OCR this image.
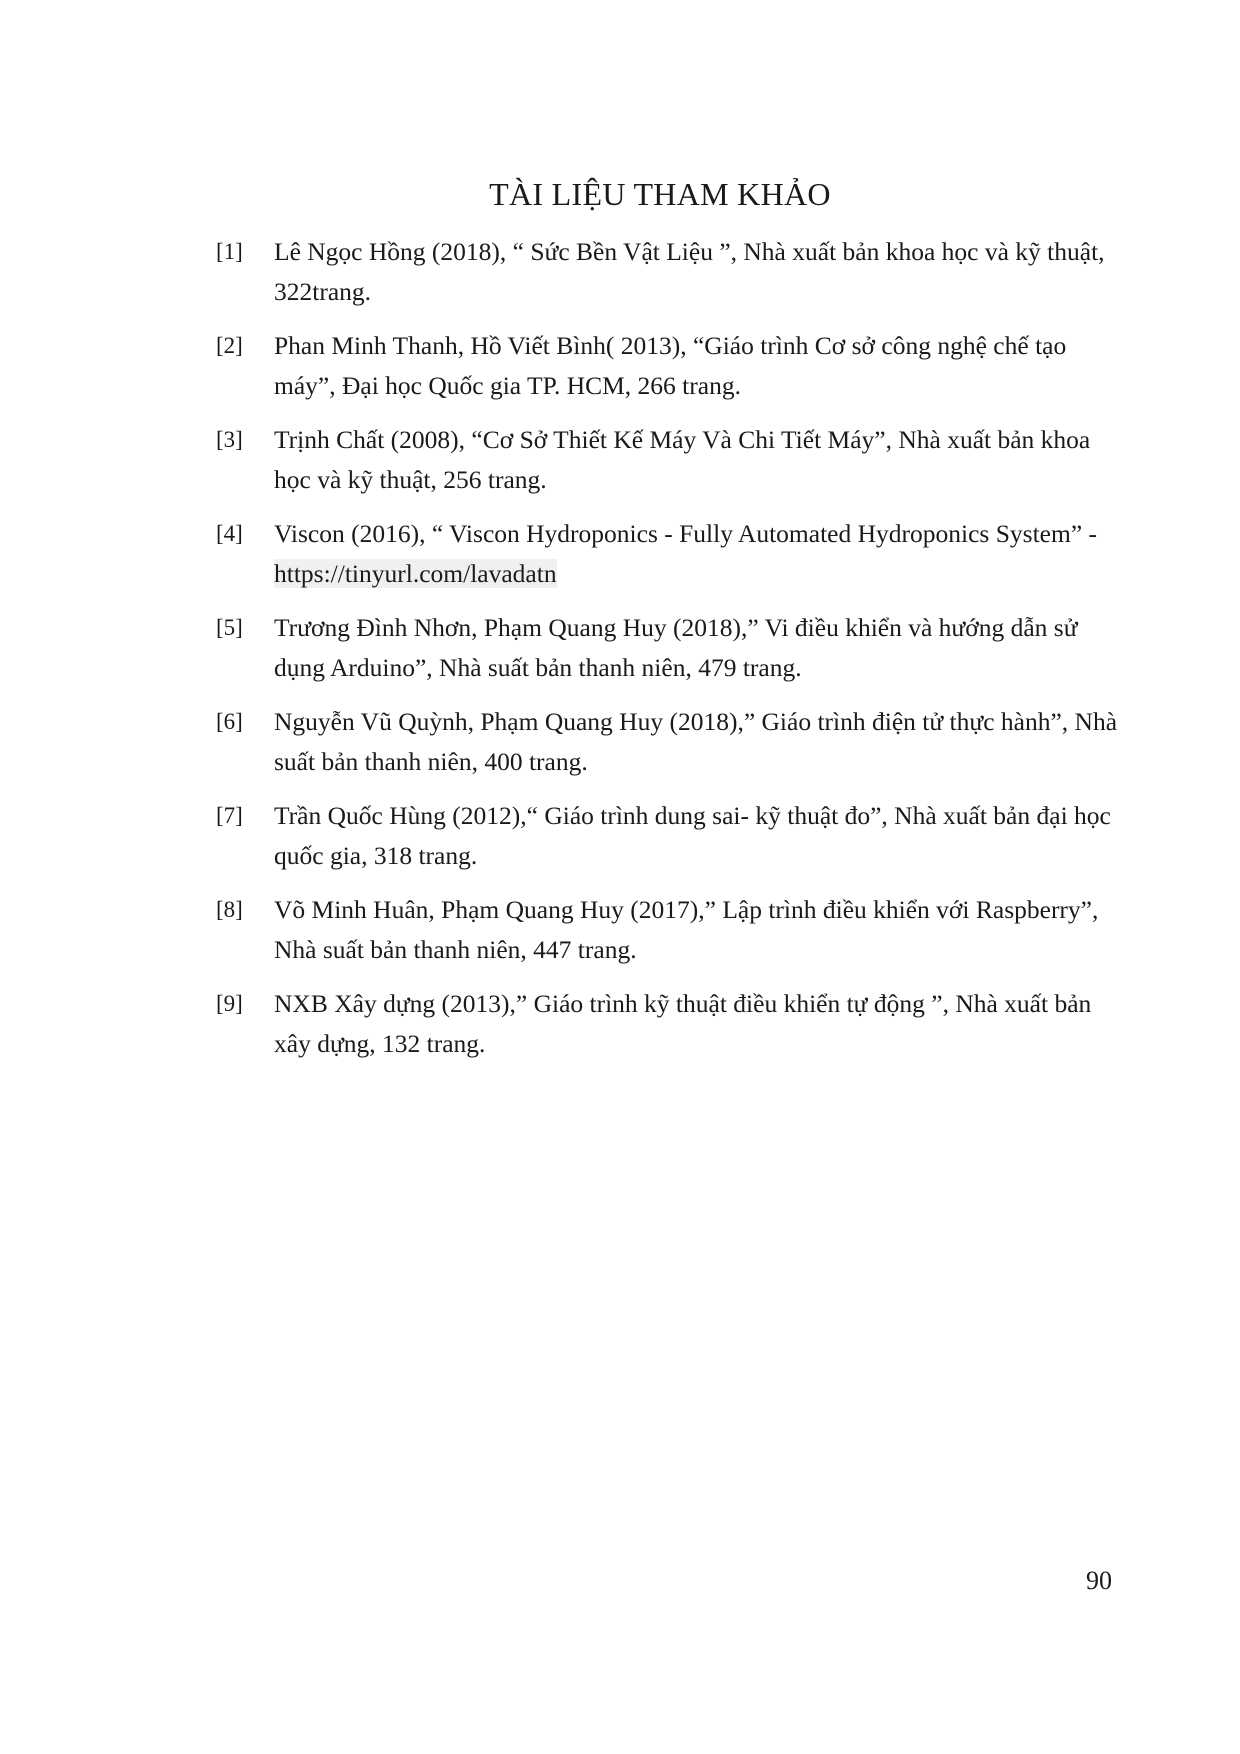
TÀI LIỆU THAM KHẢO
[1] Lê Ngọc Hồng (2018), “ Sức Bền Vật Liệu ”, Nhà xuất bản khoa học và kỹ thuật, 322trang.
[2] Phan Minh Thanh, Hồ Viết Bình( 2013), “Giáo trình Cơ sở công nghệ chế tạo máy”, Đại học Quốc gia TP. HCM, 266 trang.
[3] Trịnh Chất (2008), “Cơ Sở Thiết Kế Máy Và Chi Tiết Máy”, Nhà xuất bản khoa học và kỹ thuật, 256 trang.
[4] Viscon (2016), “ Viscon Hydroponics - Fully Automated Hydroponics System” - https://tinyurl.com/lavadatn
[5] Trương Đình Nhơn, Phạm Quang Huy (2018),” Vi điều khiển và hướng dẫn sử dụng Arduino”, Nhà suất bản thanh niên, 479 trang.
[6] Nguyễn Vũ Quỳnh, Phạm Quang Huy (2018),” Giáo trình điện tử thực hành”, Nhà suất bản thanh niên, 400 trang.
[7] Trần Quốc Hùng (2012),“ Giáo trình dung sai- kỹ thuật đo”, Nhà xuất bản đại học quốc gia, 318 trang.
[8] Võ Minh Huân, Phạm Quang Huy (2017),” Lập trình điều khiển với Raspberry”, Nhà suất bản thanh niên, 447 trang.
[9] NXB Xây dựng (2013),” Giáo trình kỹ thuật điều khiển tự động ”, Nhà xuất bản xây dựng, 132 trang.

90
